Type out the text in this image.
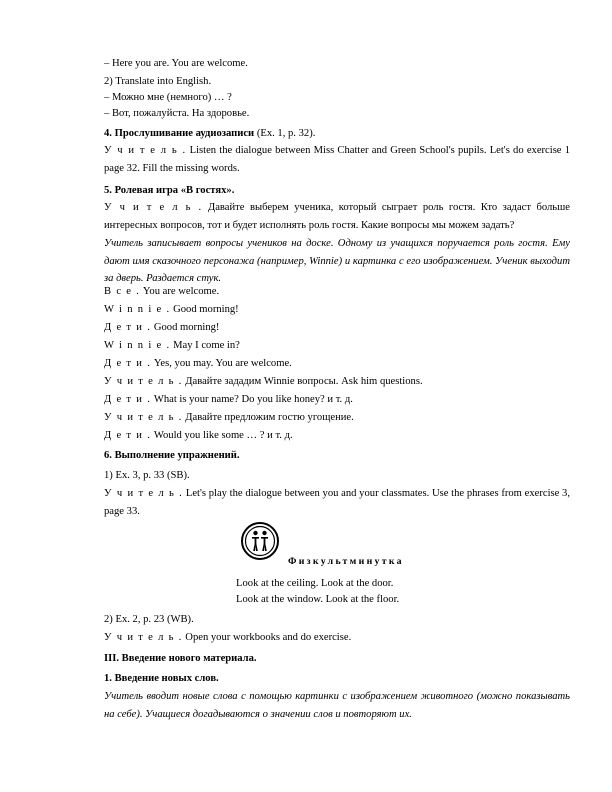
– Here you are. You are welcome.
2) Translate into English.
– Можно мне (немного) … ?
– Вот, пожалуйста. На здоровье.
4. Прослушивание аудиозаписи (Ex. 1, p. 32).
У ч и т е л ь . Listen the dialogue between Miss Chatter and Green School's pupils. Let's do exercise 1 page 32. Fill the missing words.
5. Ролевая игра «В гостях».
У ч и т е л ь . Давайте выберем ученика, который сыграет роль гостя. Кто задаст больше интересных вопросов, тот и будет исполнять роль гостя. Какие вопросы мы можем задать?
Учитель записывает вопросы учеников на доске. Одному из учащихся поручается роль гостя. Ему дают имя сказочного персонажа (например, Winnie) и картинка с его изображением. Ученик выходит за дверь. Раздается стук.
В с е . You are welcome.
W i n n i e . Good morning!
Д е т и . Good morning!
W i n n i e . May I come in?
Д е т и . Yes, you may. You are welcome.
У ч и т е л ь . Давайте зададим Winnie вопросы. Ask him questions.
Д е т и . What is your name? Do you like honey? и т. д.
У ч и т е л ь . Давайте предложим гостю угощение.
Д е т и . Would you like some … ? и т. д.
6. Выполнение упражнений.
1) Ex. 3, p. 33 (SB).
У ч и т е л ь . Let's play the dialogue between you and your classmates. Use the phrases from exercise 3, page 33.
Физкультминутка
Look at the ceiling. Look at the door.
Look at the window. Look at the floor.
2) Ex. 2, p. 23 (WB).
У ч и т е л ь . Open your workbooks and do exercise.
III. Введение нового материала.
1. Введение новых слов.
Учитель вводит новые слова с помощью картинки с изображением животного (можно показывать на себе). Учащиеся догадываются о значении слов и повторяют их.
